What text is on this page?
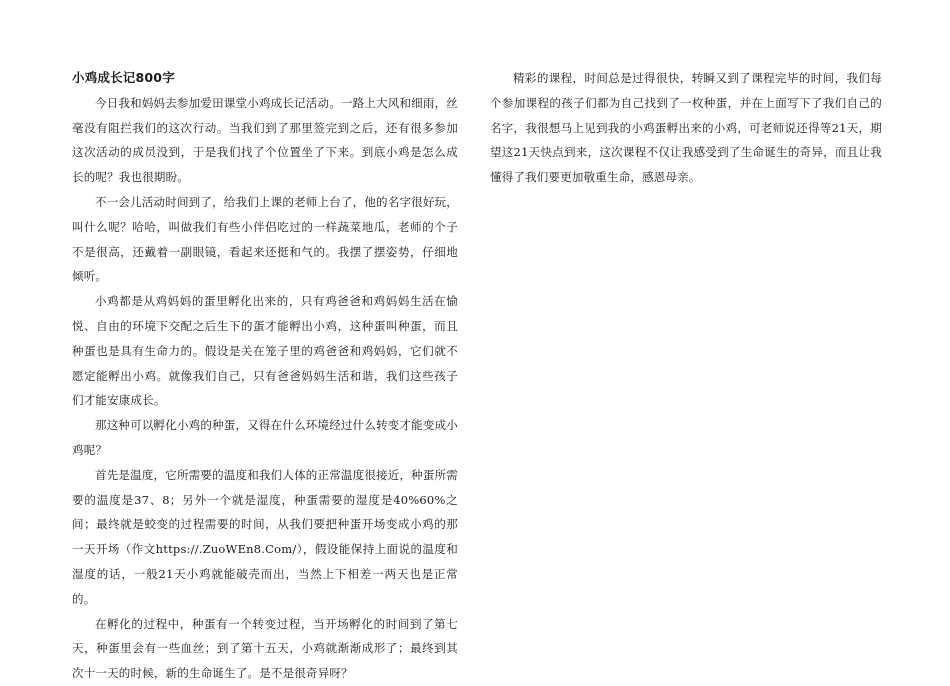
小鸡成长记800字

今日我和妈妈去参加爱田课堂小鸡成长记活动。一路上大风和细雨，丝毫没有阻拦我们的这次行动。当我们到了那里签完到之后，还有很多参加这次活动的成员没到，于是我们找了个位置坐了下来。到底小鸡是怎么成长的呢？我也很期盼。

不一会儿活动时间到了，给我们上课的老师上台了，他的名字很好玩，叫什么呢？哈哈，叫做我们有些小伴侣吃过的一样蔬菜地瓜，老师的个子不是很高，还戴着一副眼镜，看起来还挺和气的。我摆了摆姿势，仔细地倾听。

小鸡都是从鸡妈妈的蛋里孵化出来的，只有鸡爸爸和鸡妈妈生活在愉悦、自由的环境下交配之后生下的蛋才能孵出小鸡，这种蛋叫种蛋，而且种蛋也是具有生命力的。假设是关在笼子里的鸡爸爸和鸡妈妈，它们就不愿定能孵出小鸡。就像我们自己，只有爸爸妈妈生活和谐，我们这些孩子们才能安康成长。

那这种可以孵化小鸡的种蛋，又得在什么环境经过什么转变才能变成小鸡呢？

首先是温度，它所需要的温度和我们人体的正常温度很接近，种蛋所需要的温度是37、8；另外一个就是湿度，种蛋需要的湿度是40%60%之间；最终就是蛟变的过程需要的时间，从我们要把种蛋开场变成小鸡的那一天开场（作文https://.ZuoWEn8.Com/），假设能保持上面说的温度和湿度的话，一般21天小鸡就能破壳而出，当然上下相差一两天也是正常的。

在孵化的过程中，种蛋有一个转变过程，当开场孵化的时间到了第七天，种蛋里会有一些血丝；到了第十五天，小鸡就渐渐成形了；最终到其次十一天的时候，新的生命诞生了。是不是很奇异呀？

精彩的课程，时间总是过得很快，转瞬又到了课程完毕的时间，我们每个参加课程的孩子们都为自己找到了一枚种蛋，并在上面写下了我们自己的名字，我很想马上见到我的小鸡蛋孵出来的小鸡，可老师说还得等21天，期望这21天快点到来，这次课程不仅让我感受到了生命诞生的奇异，而且让我懂得了我们要更加敬重生命，感恩母亲。
